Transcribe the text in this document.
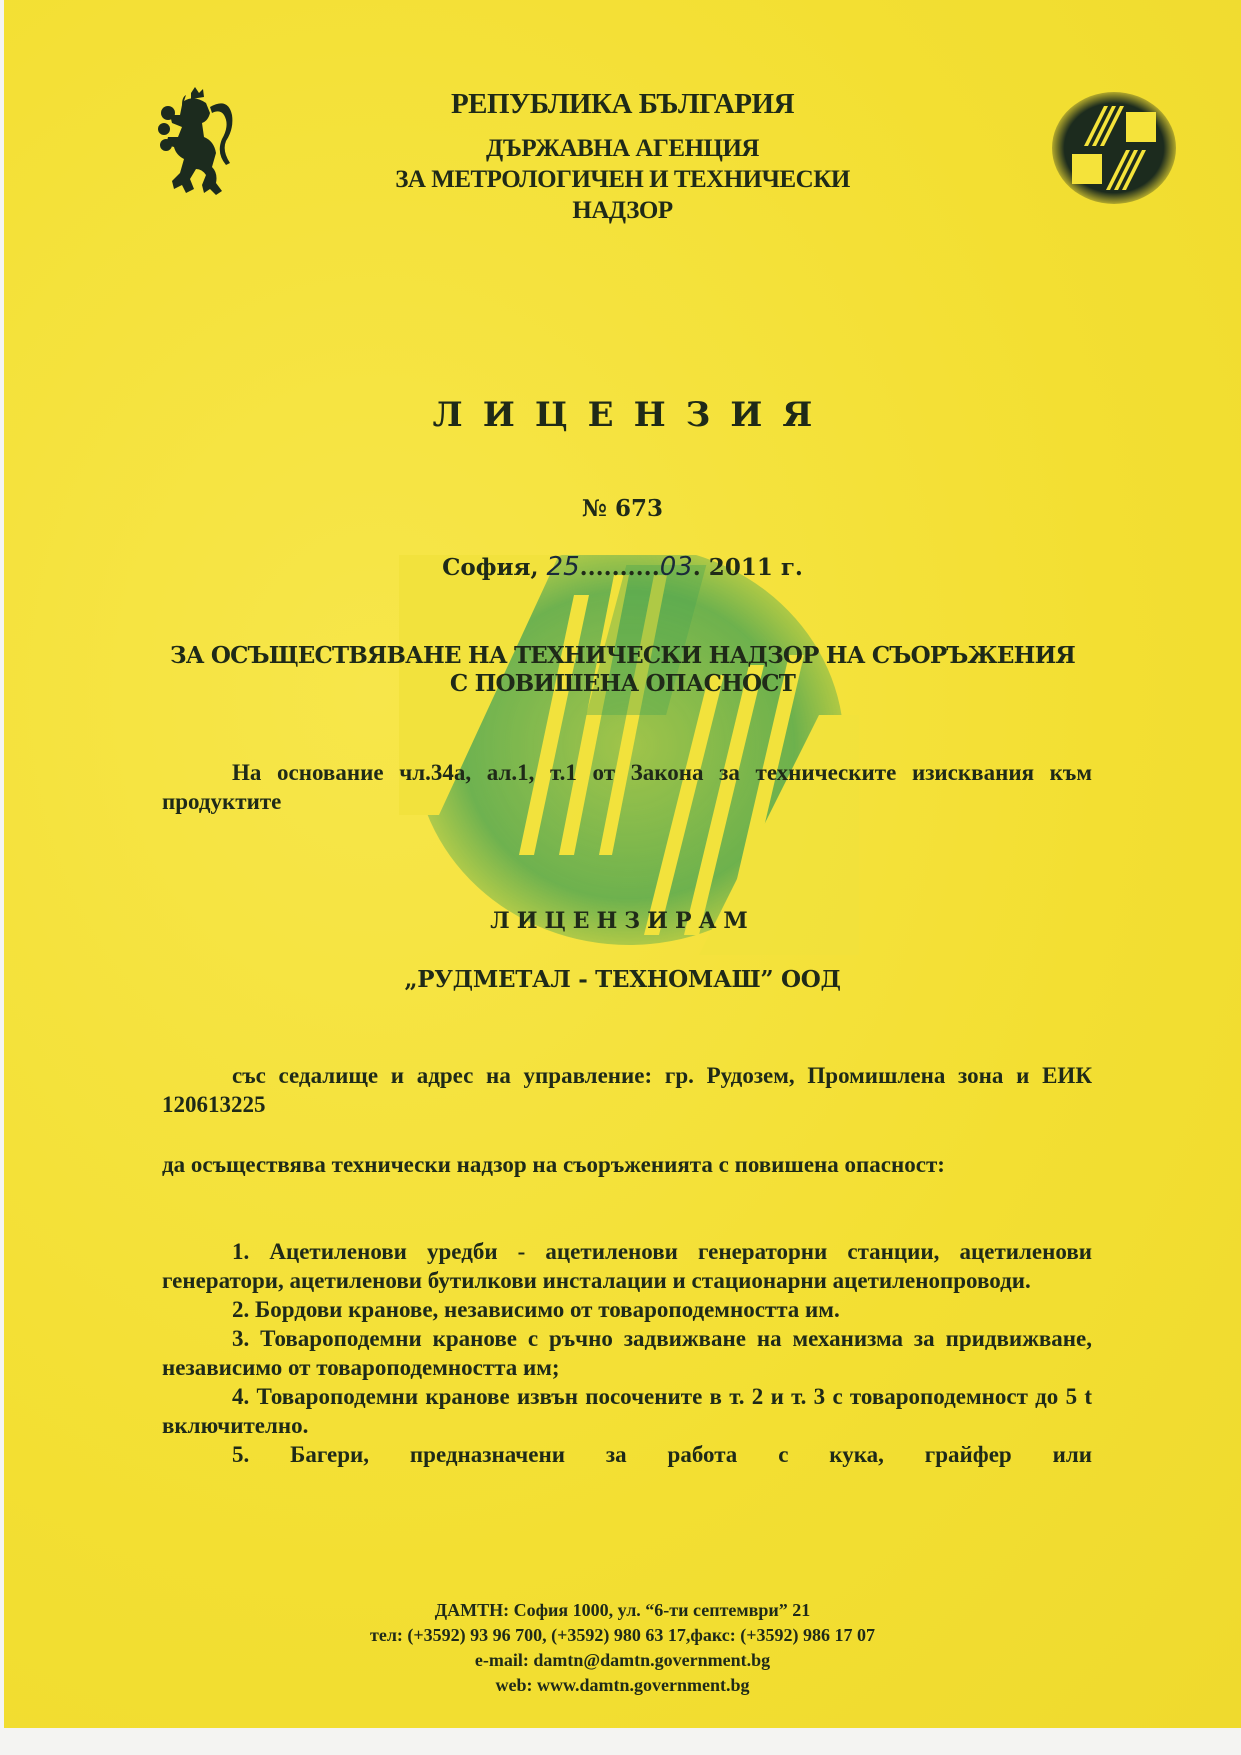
РЕПУБЛИКА БЪЛГАРИЯ
ДЪРЖАВНА АГЕНЦИЯ
ЗА МЕТРОЛОГИЧЕН И ТЕХНИЧЕСКИ
НАДЗОР
ЛИЦЕНЗИЯ
№ 673
София, 25..........03. 2011 г.
ЗА ОСЪЩЕСТВЯВАНЕ НА ТЕХНИЧЕСКИ НАДЗОР НА СЪОРЪЖЕНИЯ
С ПОВИШЕНА ОПАСНОСТ
На основание чл.34а, ал.1, т.1 от Закона за техническите изисквания към продуктите
ЛИЦЕНЗИРАМ
„РУДМЕТАЛ - ТЕХНОМАШ” ООД
със седалище и адрес на управление: гр. Рудозем, Промишлена зона и ЕИК 120613225
да осъществява технически надзор на съоръженията с повишена опасност:
1. Ацетиленови уредби - ацетиленови генераторни станции, ацетиленови генератори, ацетиленови бутилкови инсталации и стационарни ацетиленопроводи.
2. Бордови кранове, независимо от товароподемността им.
3. Товароподемни кранове с ръчно задвижване на механизма за придвижване, независимо от товароподемността им;
4. Товароподемни кранове извън посочените в т. 2 и т. 3 с товароподемност до 5 t включително.
5. Багери, предназначени за работа с кука, грайфер или
ДАМТН: София 1000, ул. “6-ти септември” 21
тел: (+3592) 93 96 700, (+3592) 980 63 17,факс: (+3592) 986 17 07
e-mail: damtn@damtn.government.bg
web: www.damtn.government.bg
